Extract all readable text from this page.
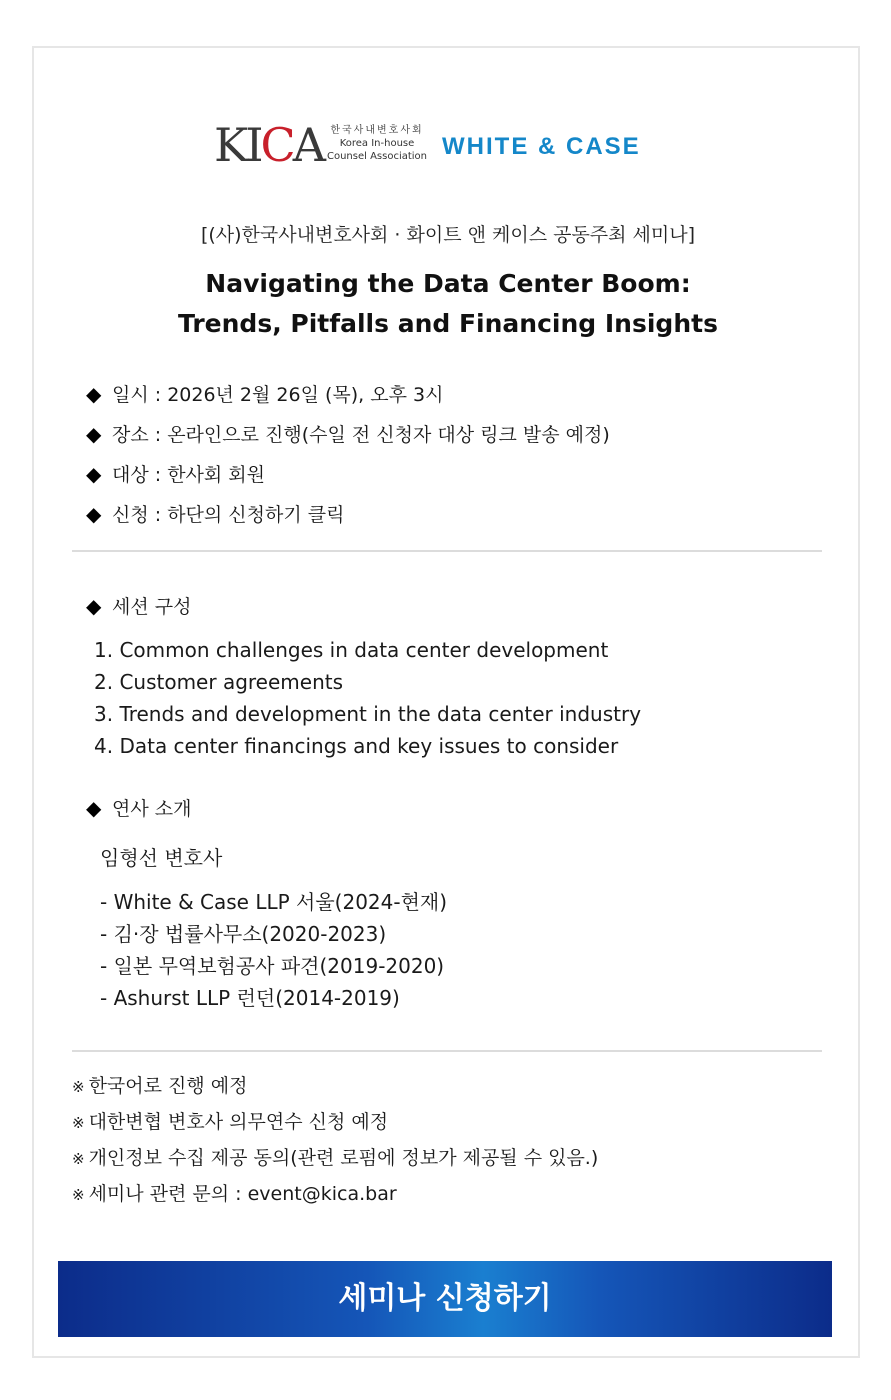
KICA 한국사내변호사회
Korea In-house
Counsel Association WHITE & CASE
[(사)한국사내변호사회 · 화이트 앤 케이스 공동주최 세미나]
Navigating the Data Center Boom:
Trends, Pitfalls and Financing Insights
◆ 일시 : 2026년 2월 26일 (목), 오후 3시
◆ 장소 : 온라인으로 진행(수일 전 신청자 대상 링크 발송 예정)
◆ 대상 : 한사회 회원
◆ 신청 : 하단의 신청하기 클릭
◆ 세션 구성
1. Common challenges in data center development
2. Customer agreements
3. Trends and development in the data center industry
4. Data center financings and key issues to consider
◆ 연사 소개
임형선 변호사
- White & Case LLP 서울(2024-현재)
- 김·장 법률사무소(2020-2023)
- 일본 무역보험공사 파견(2019-2020)
- Ashurst LLP 런던(2014-2019)
※ 한국어로 진행 예정
※ 대한변협 변호사 의무연수 신청 예정
※ 개인정보 수집 제공 동의(관련 로펌에 정보가 제공될 수 있음.)
※ 세미나 관련 문의 : event@kica.bar
세미나 신청하기
